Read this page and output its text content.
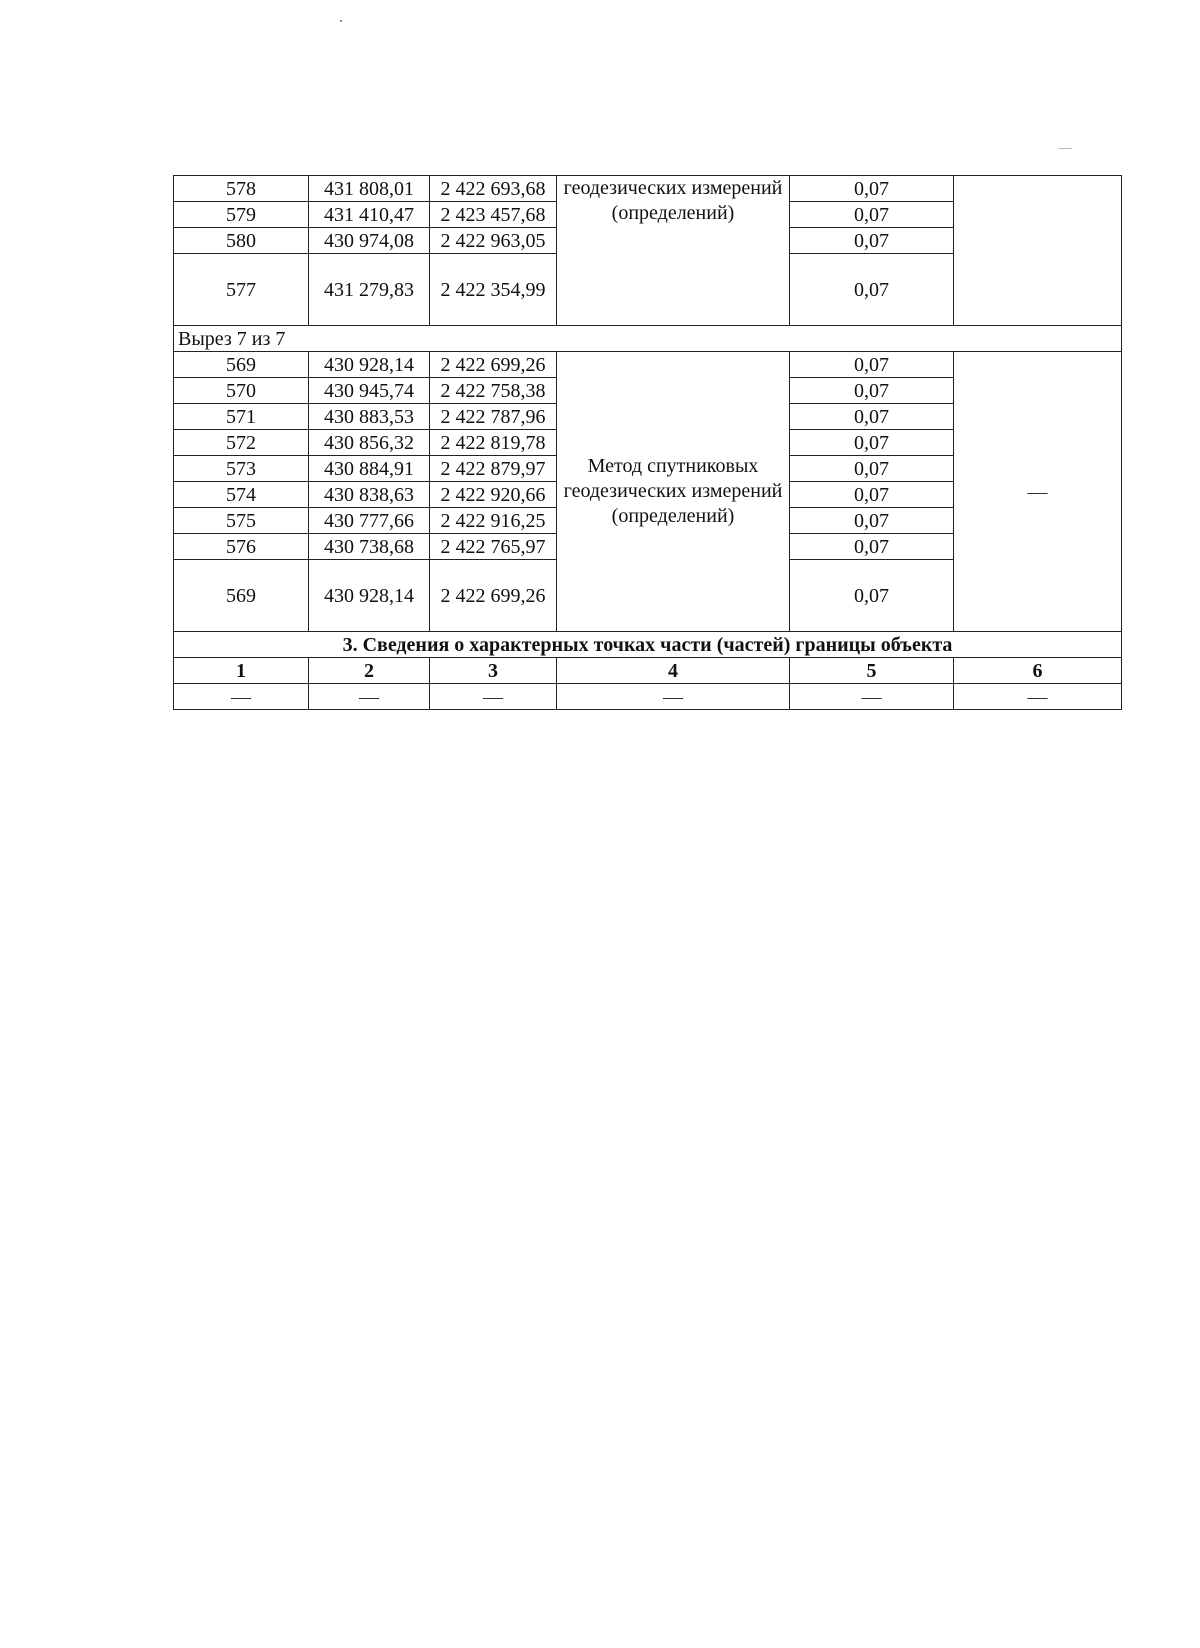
578	431 808,01	2 422 693,68	геодезических измерений (определений)	0,07	
579	431 410,47	2 423 457,68		0,07	
580	430 974,08	2 422 963,05		0,07	
577	431 279,83	2 422 354,99		0,07	
Вырез 7 из 7					
569	430 928,14	2 422 699,26	Метод спутниковых геодезических измерений (определений)	0,07	—
570	430 945,74	2 422 758,38		0,07	
571	430 883,53	2 422 787,96		0,07	
572	430 856,32	2 422 819,78		0,07	
573	430 884,91	2 422 879,97		0,07	
574	430 838,63	2 422 920,66		0,07	
575	430 777,66	2 422 916,25		0,07	
576	430 738,68	2 422 765,97		0,07	
569	430 928,14	2 422 699,26		0,07	
3. Сведения о характерных точках части (частей) границы объекта					
1	2	3	4	5	6
—	—	—	—	—	—
